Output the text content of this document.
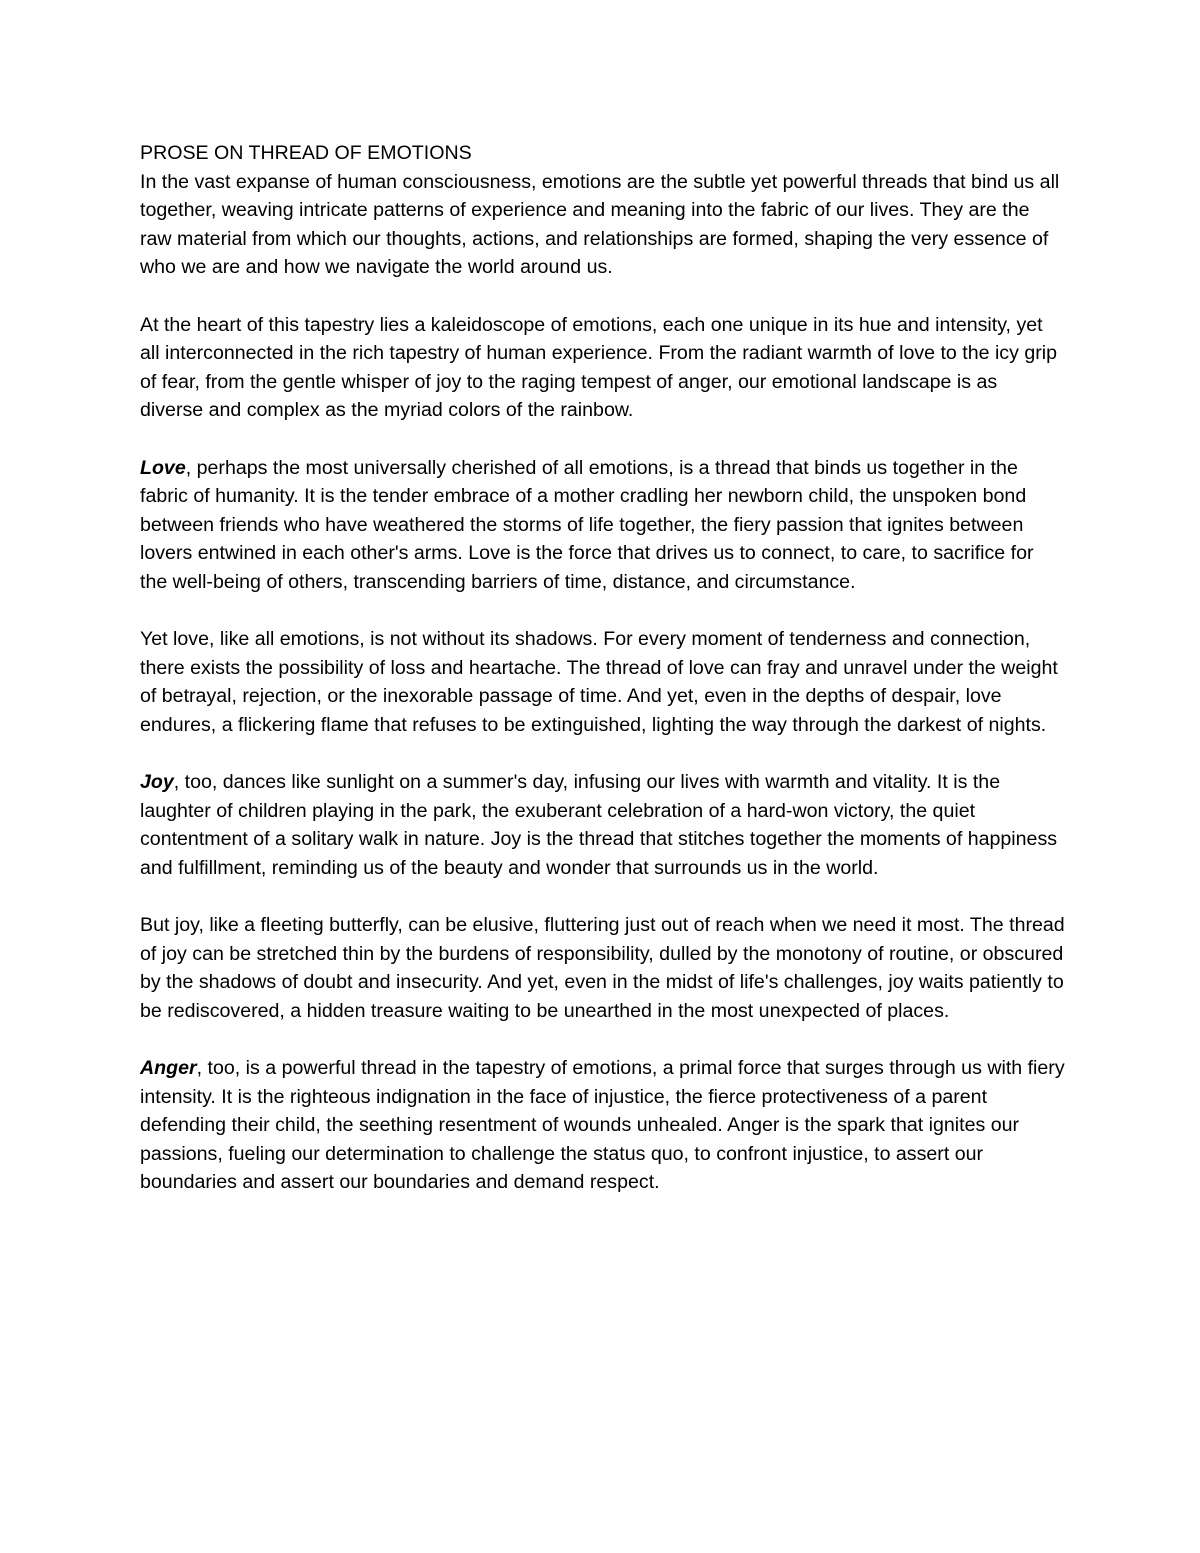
PROSE ON THREAD OF EMOTIONS

In the vast expanse of human consciousness, emotions are the subtle yet powerful threads that bind us all together, weaving intricate patterns of experience and meaning into the fabric of our lives. They are the raw material from which our thoughts, actions, and relationships are formed, shaping the very essence of who we are and how we navigate the world around us.

At the heart of this tapestry lies a kaleidoscope of emotions, each one unique in its hue and intensity, yet all interconnected in the rich tapestry of human experience. From the radiant warmth of love to the icy grip of fear, from the gentle whisper of joy to the raging tempest of anger, our emotional landscape is as diverse and complex as the myriad colors of the rainbow.

Love, perhaps the most universally cherished of all emotions, is a thread that binds us together in the fabric of humanity. It is the tender embrace of a mother cradling her newborn child, the unspoken bond between friends who have weathered the storms of life together, the fiery passion that ignites between lovers entwined in each other's arms. Love is the force that drives us to connect, to care, to sacrifice for the well-being of others, transcending barriers of time, distance, and circumstance.

Yet love, like all emotions, is not without its shadows. For every moment of tenderness and connection, there exists the possibility of loss and heartache. The thread of love can fray and unravel under the weight of betrayal, rejection, or the inexorable passage of time. And yet, even in the depths of despair, love endures, a flickering flame that refuses to be extinguished, lighting the way through the darkest of nights.

Joy, too, dances like sunlight on a summer's day, infusing our lives with warmth and vitality. It is the laughter of children playing in the park, the exuberant celebration of a hard-won victory, the quiet contentment of a solitary walk in nature. Joy is the thread that stitches together the moments of happiness and fulfillment, reminding us of the beauty and wonder that surrounds us in the world.

But joy, like a fleeting butterfly, can be elusive, fluttering just out of reach when we need it most. The thread of joy can be stretched thin by the burdens of responsibility, dulled by the monotony of routine, or obscured by the shadows of doubt and insecurity. And yet, even in the midst of life's challenges, joy waits patiently to be rediscovered, a hidden treasure waiting to be unearthed in the most unexpected of places.

Anger, too, is a powerful thread in the tapestry of emotions, a primal force that surges through us with fiery intensity. It is the righteous indignation in the face of injustice, the fierce protectiveness of a parent defending their child, the seething resentment of wounds unhealed. Anger is the spark that ignites our passions, fueling our determination to challenge the status quo, to confront injustice, to assert our boundaries and assert our boundaries and demand respect.
